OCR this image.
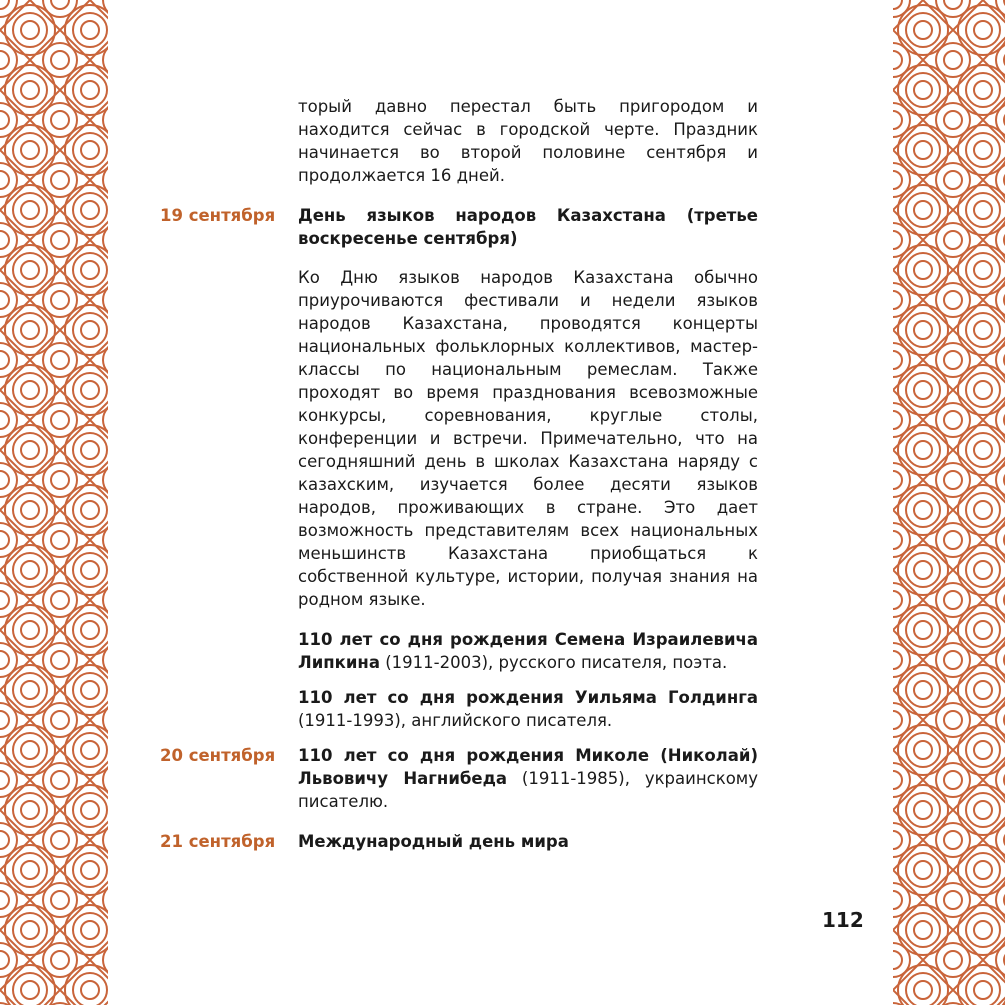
торый давно перестал быть пригородом и находится сейчас в городской черте. Праздник начинается во второй половине сентября и продолжается 16 дней.
19 сентября	День языков народов Казахстана (третье воскресенье сентября)

Ко Дню языков народов Казахстана обычно приурочиваются фестивали и недели языков народов Казахстана, проводятся концерты национальных фольклорных коллективов, мастер-классы по национальным ремеслам. Также проходят во время празднования всевозможные конкурсы, соревнования, круглые столы, конференции и встречи. Примечательно, что на сегодняшний день в школах Казахстана наряду с казахским, изучается более десяти языков народов, проживающих в стране. Это дает возможность представителям всех национальных меньшинств Казахстана приобщаться к собственной культуре, истории, получая знания на родном языке.

110 лет со дня рождения Семена Израилевича Липкина (1911-2003), русского писателя, поэта.

110 лет со дня рождения Уильяма Голдинга (1911-1993), английского писателя.

20 сентября	110 лет со дня рождения Миколе (Николай) Львовичу Нагнибеда (1911-1985), украинскому писателю.

21 сентября	Международный день мира

112
